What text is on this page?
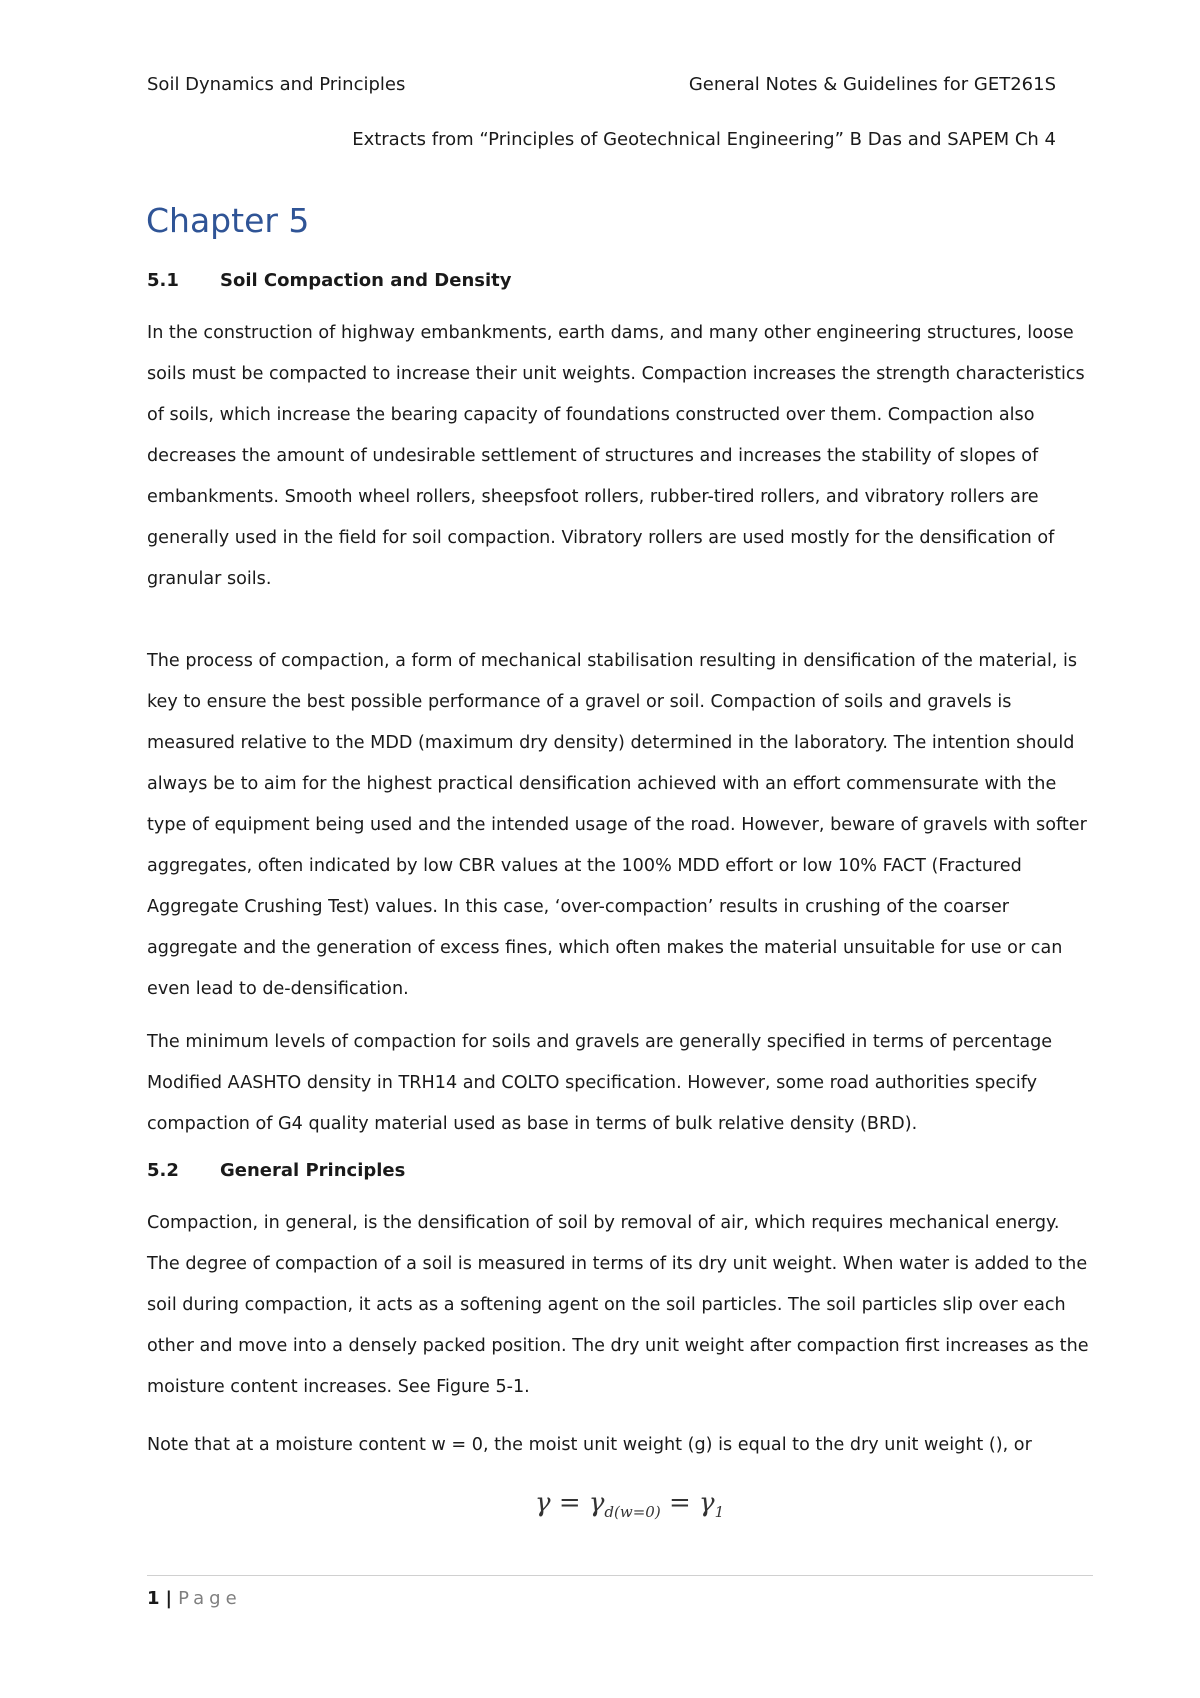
Soil Dynamics and Principles	General Notes & Guidelines for GET261S
Extracts from “Principles of Geotechnical Engineering” B Das and SAPEM Ch 4
Chapter 5
5.1	Soil Compaction and Density

In the construction of highway embankments, earth dams, and many other engineering structures, loose soils must be compacted to increase their unit weights. Compaction increases the strength characteristics of soils, which increase the bearing capacity of foundations constructed over them. Compaction also decreases the amount of undesirable settlement of structures and increases the stability of slopes of embankments. Smooth wheel rollers, sheepsfoot rollers, rubber-tired rollers, and vibratory rollers are generally used in the field for soil compaction. Vibratory rollers are used mostly for the densification of granular soils.

The process of compaction, a form of mechanical stabilisation resulting in densification of the material, is key to ensure the best possible performance of a gravel or soil. Compaction of soils and gravels is measured relative to the MDD (maximum dry density) determined in the laboratory. The intention should always be to aim for the highest practical densification achieved with an effort commensurate with the type of equipment being used and the intended usage of the road. However, beware of gravels with softer aggregates, often indicated by low CBR values at the 100% MDD effort or low 10% FACT (Fractured Aggregate Crushing Test) values. In this case, ‘over-compaction’ results in crushing of the coarser aggregate and the generation of excess fines, which often makes the material unsuitable for use or can even lead to de-densification.

The minimum levels of compaction for soils and gravels are generally specified in terms of percentage Modified AASHTO density in TRH14 and COLTO specification. However, some road authorities specify compaction of G4 quality material used as base in terms of bulk relative density (BRD).

5.2	General Principles

Compaction, in general, is the densification of soil by removal of air, which requires mechanical energy. The degree of compaction of a soil is measured in terms of its dry unit weight. When water is added to the soil during compaction, it acts as a softening agent on the soil particles. The soil particles slip over each other and move into a densely packed position. The dry unit weight after compaction first increases as the moisture content increases. See Figure 5-1.

Note that at a moisture content w = 0, the moist unit weight (g) is equal to the dry unit weight (), or

$\gamma = \gamma_{d(w=0)} = \gamma_1$
1 | Page
